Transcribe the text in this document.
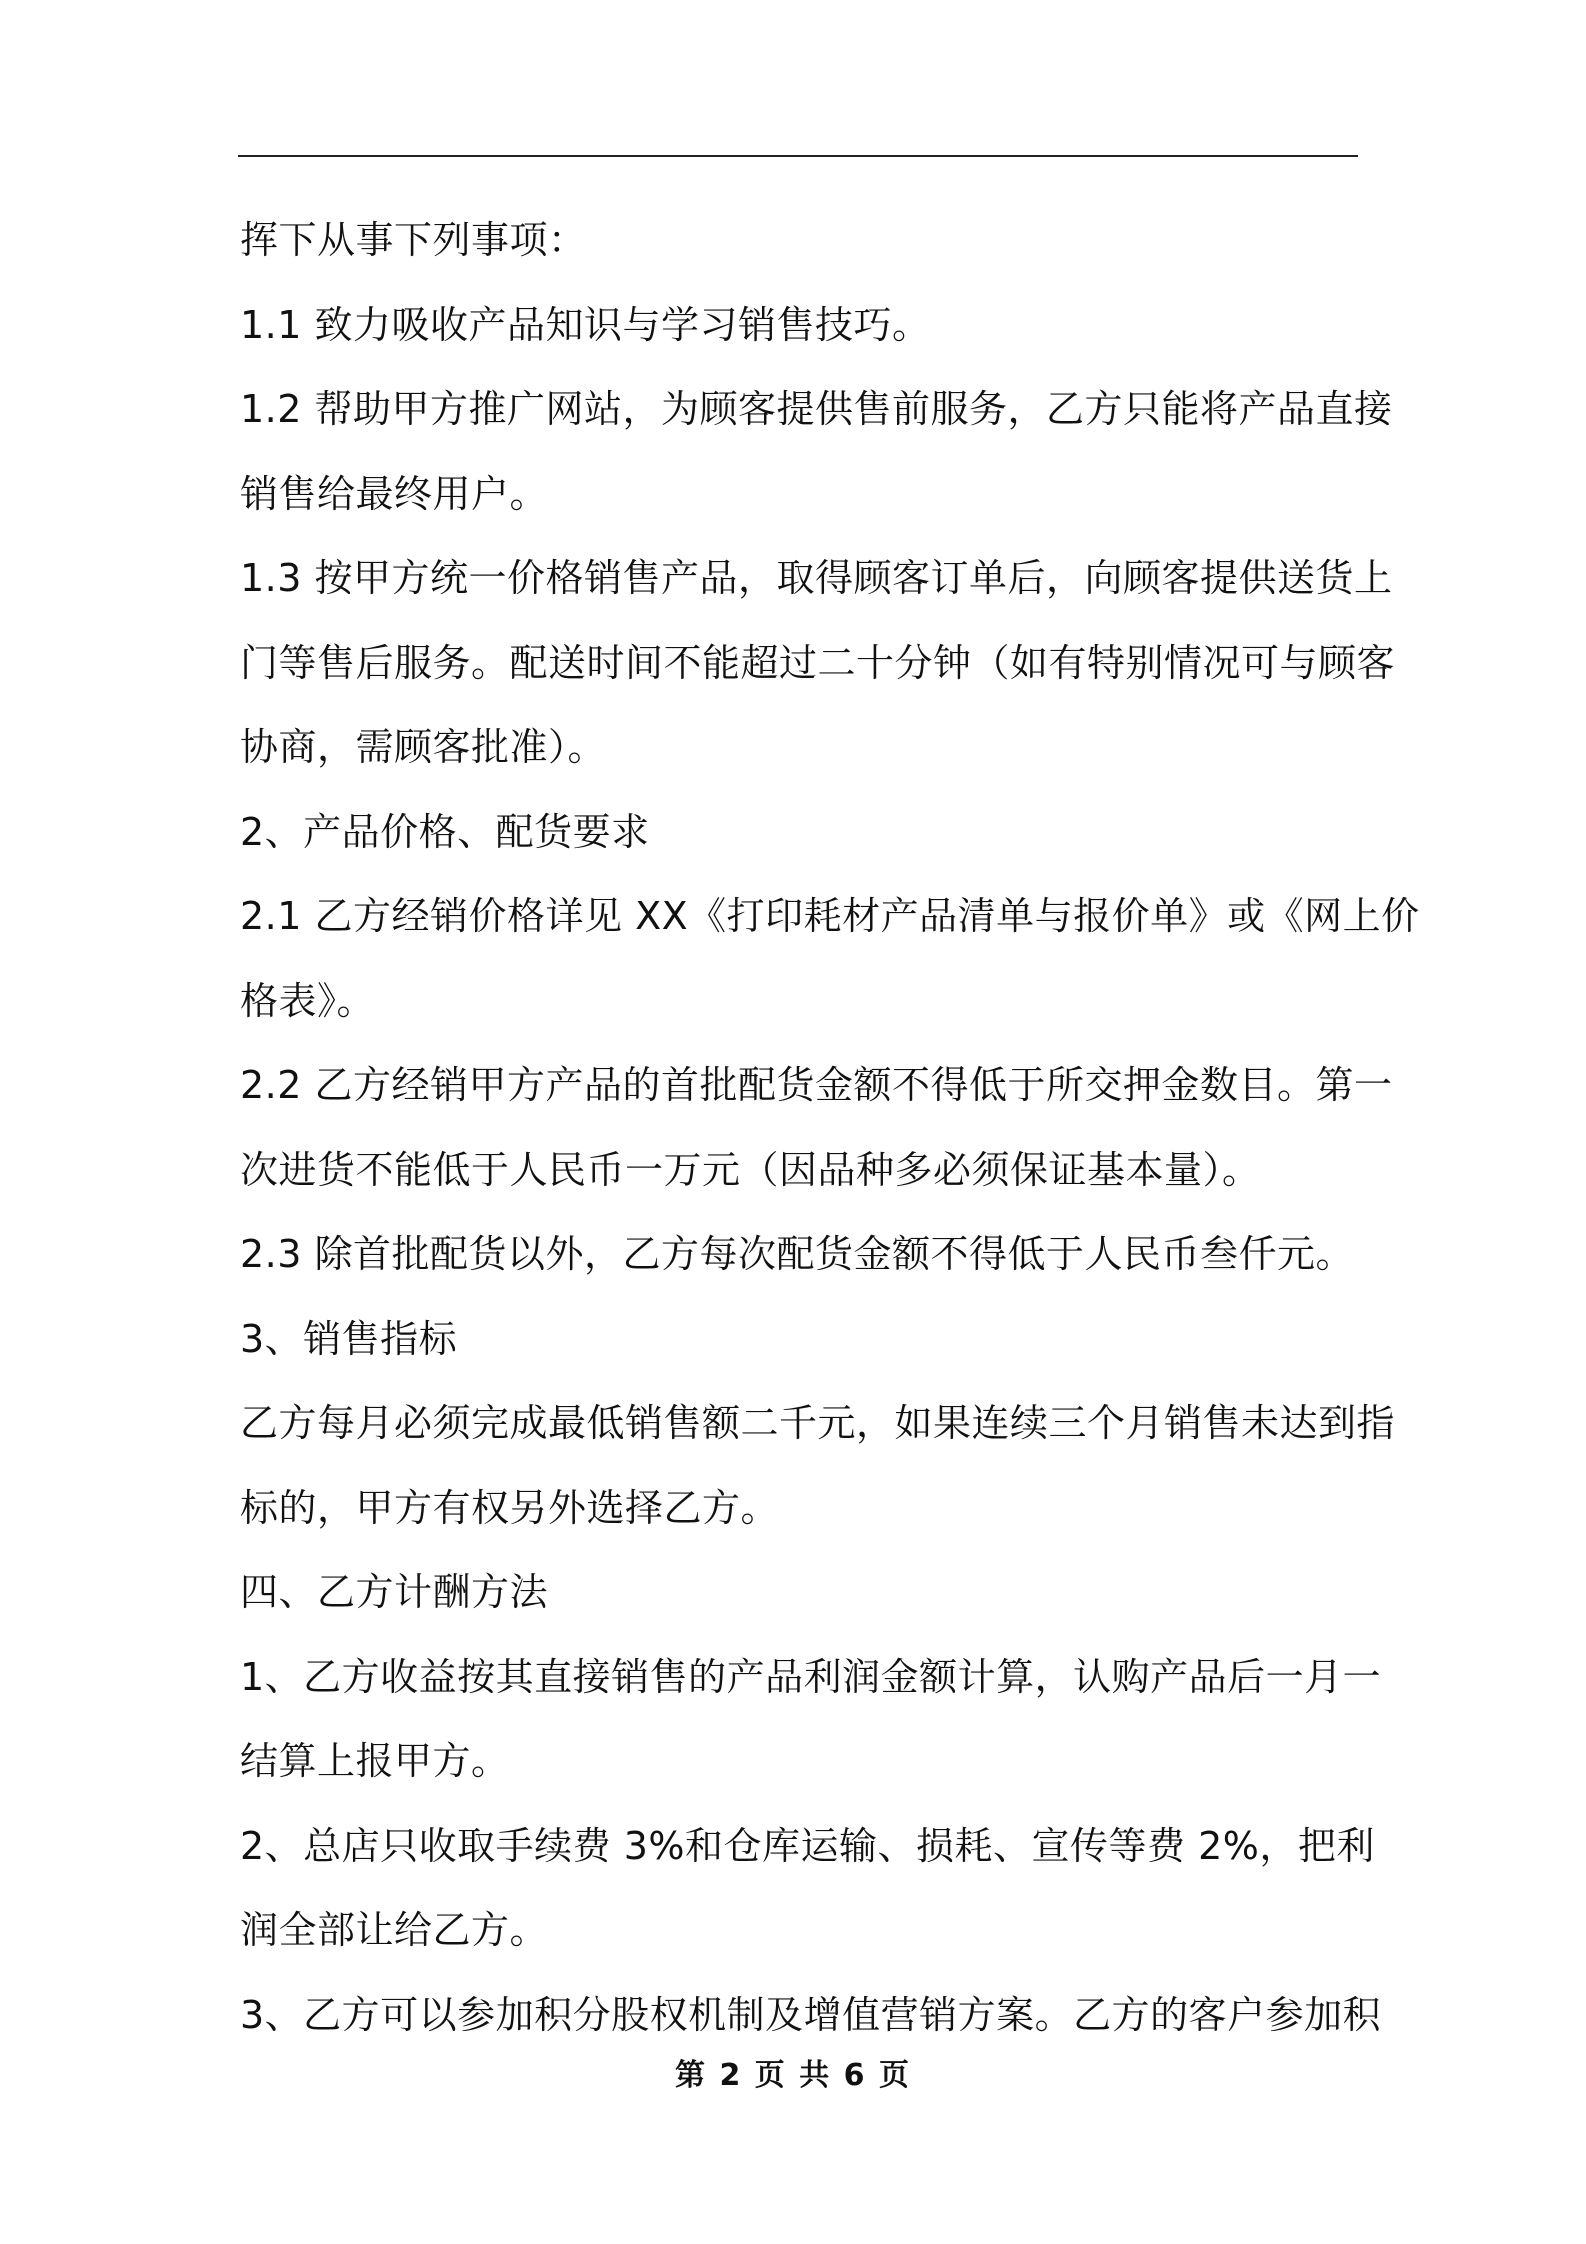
挥下从事下列事项：

1.1 致力吸收产品知识与学习销售技巧。

1.2 帮助甲方推广网站，为顾客提供售前服务，乙方只能将产品直接
销售给最终用户。

1.3 按甲方统一价格销售产品，取得顾客订单后，向顾客提供送货上
门等售后服务。配送时间不能超过二十分钟（如有特别情况可与顾客
协商，需顾客批准）。

2、产品价格、配货要求

2.1 乙方经销价格详见 XX《打印耗材产品清单与报价单》或《网上价
格表》。

2.2 乙方经销甲方产品的首批配货金额不得低于所交押金数目。第一
次进货不能低于人民币一万元（因品种多必须保证基本量）。

2.3 除首批配货以外，乙方每次配货金额不得低于人民币叁仟元。

3、销售指标

乙方每月必须完成最低销售额二千元，如果连续三个月销售未达到指
标的，甲方有权另外选择乙方。

四、乙方计酬方法

1、乙方收益按其直接销售的产品利润金额计算，认购产品后一月一
结算上报甲方。

2、总店只收取手续费 3%和仓库运输、损耗、宣传等费 2%，把利
润全部让给乙方。

3、乙方可以参加积分股权机制及增值营销方案。乙方的客户参加积

第 2 页 共 6 页
